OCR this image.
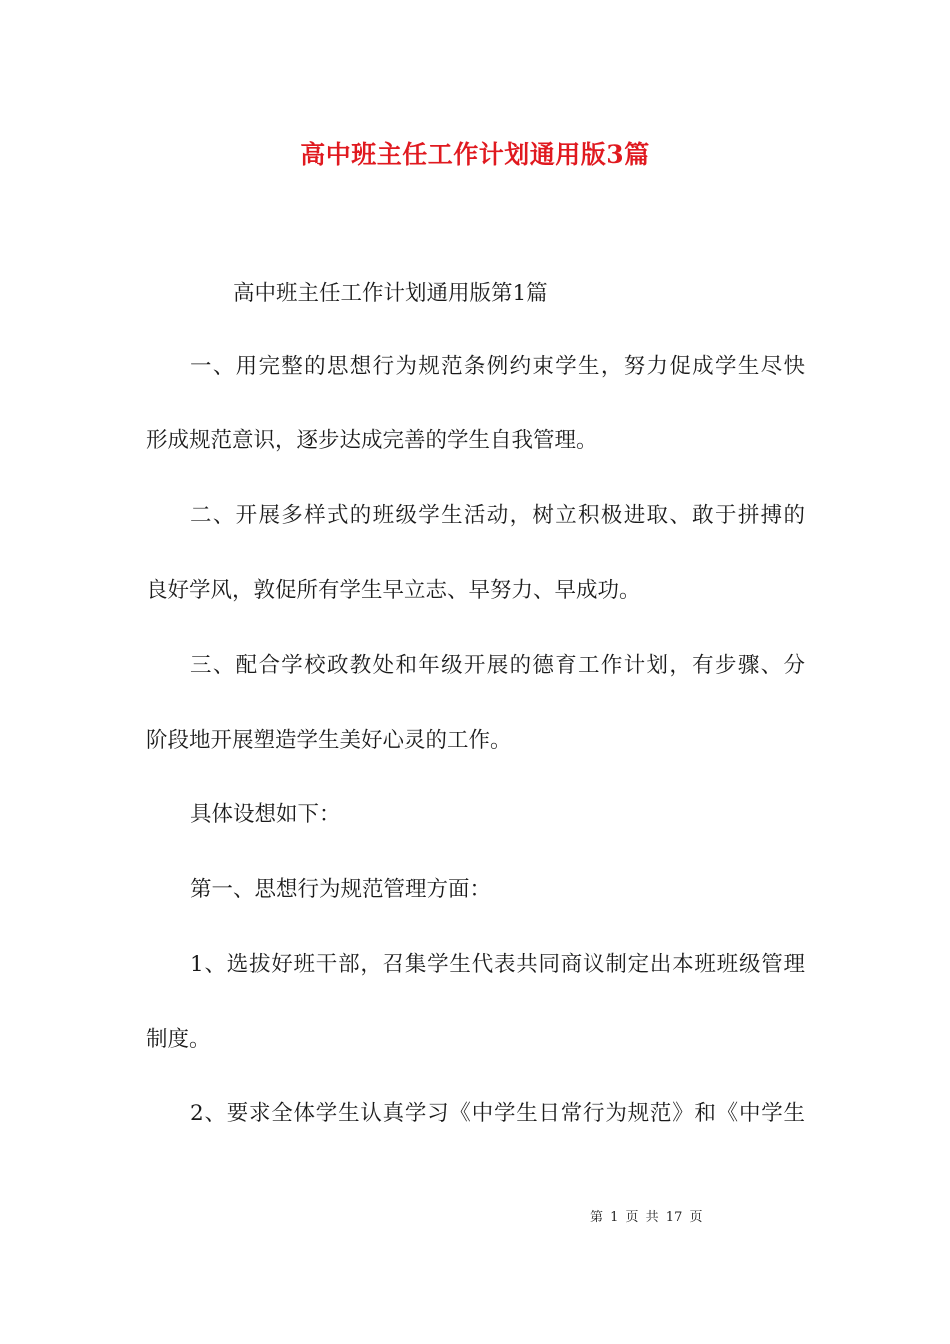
高中班主任工作计划通用版3篇
高中班主任工作计划通用版第1篇
一、用完整的思想行为规范条例约束学生，努力促成学生尽快
形成规范意识，逐步达成完善的学生自我管理。
二、开展多样式的班级学生活动，树立积极进取、敢于拼搏的
良好学风，敦促所有学生早立志、早努力、早成功。
三、配合学校政教处和年级开展的德育工作计划，有步骤、分
阶段地开展塑造学生美好心灵的工作。
具体设想如下：
第一、思想行为规范管理方面：
1、选拔好班干部，召集学生代表共同商议制定出本班班级管理
制度。
2、要求全体学生认真学习《中学生日常行为规范》和《中学生
第 1 页 共 17 页
